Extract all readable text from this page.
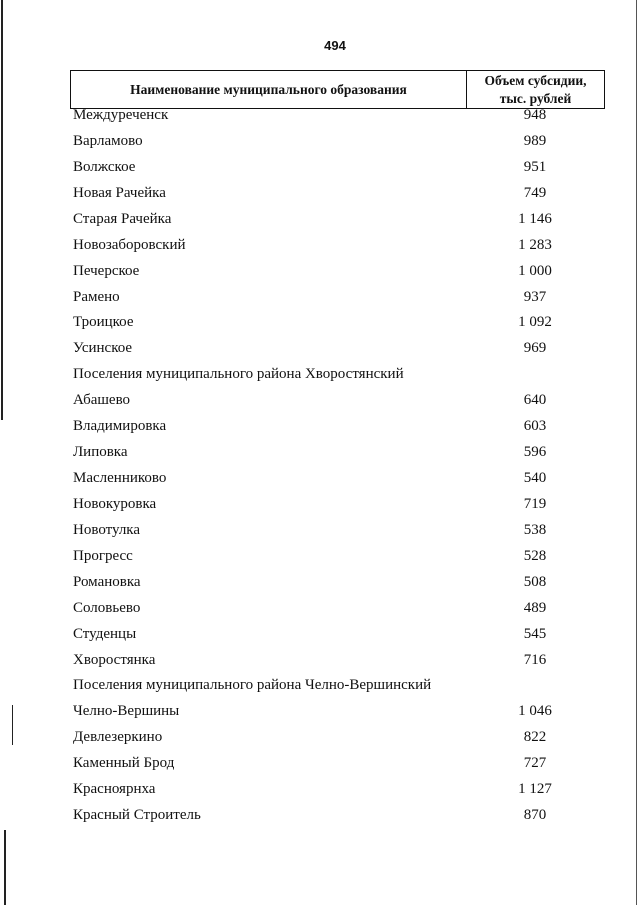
494
Наименование муниципального образования
Объем субсидии,
тыс. рублей
Междуреченск	948
Варламово	989
Волжское	951
Новая Рачейка	749
Старая Рачейка	1 146
Новозаборовский	1 283
Печерское	1 000
Рамено	937
Троицкое	1 092
Усинское	969
Поселения муниципального района Хворостянский
Абашево	640
Владимировка	603
Липовка	596
Масленниково	540
Новокуровка	719
Новотулка	538
Прогресс	528
Романовка	508
Соловьево	489
Студенцы	545
Хворостянка	716
Поселения муниципального района Челно-Вершинский
Челно-Вершины	1 046
Девлезеркино	822
Каменный Брод	727
Красноярнха	1 127
Красный Строитель	870
